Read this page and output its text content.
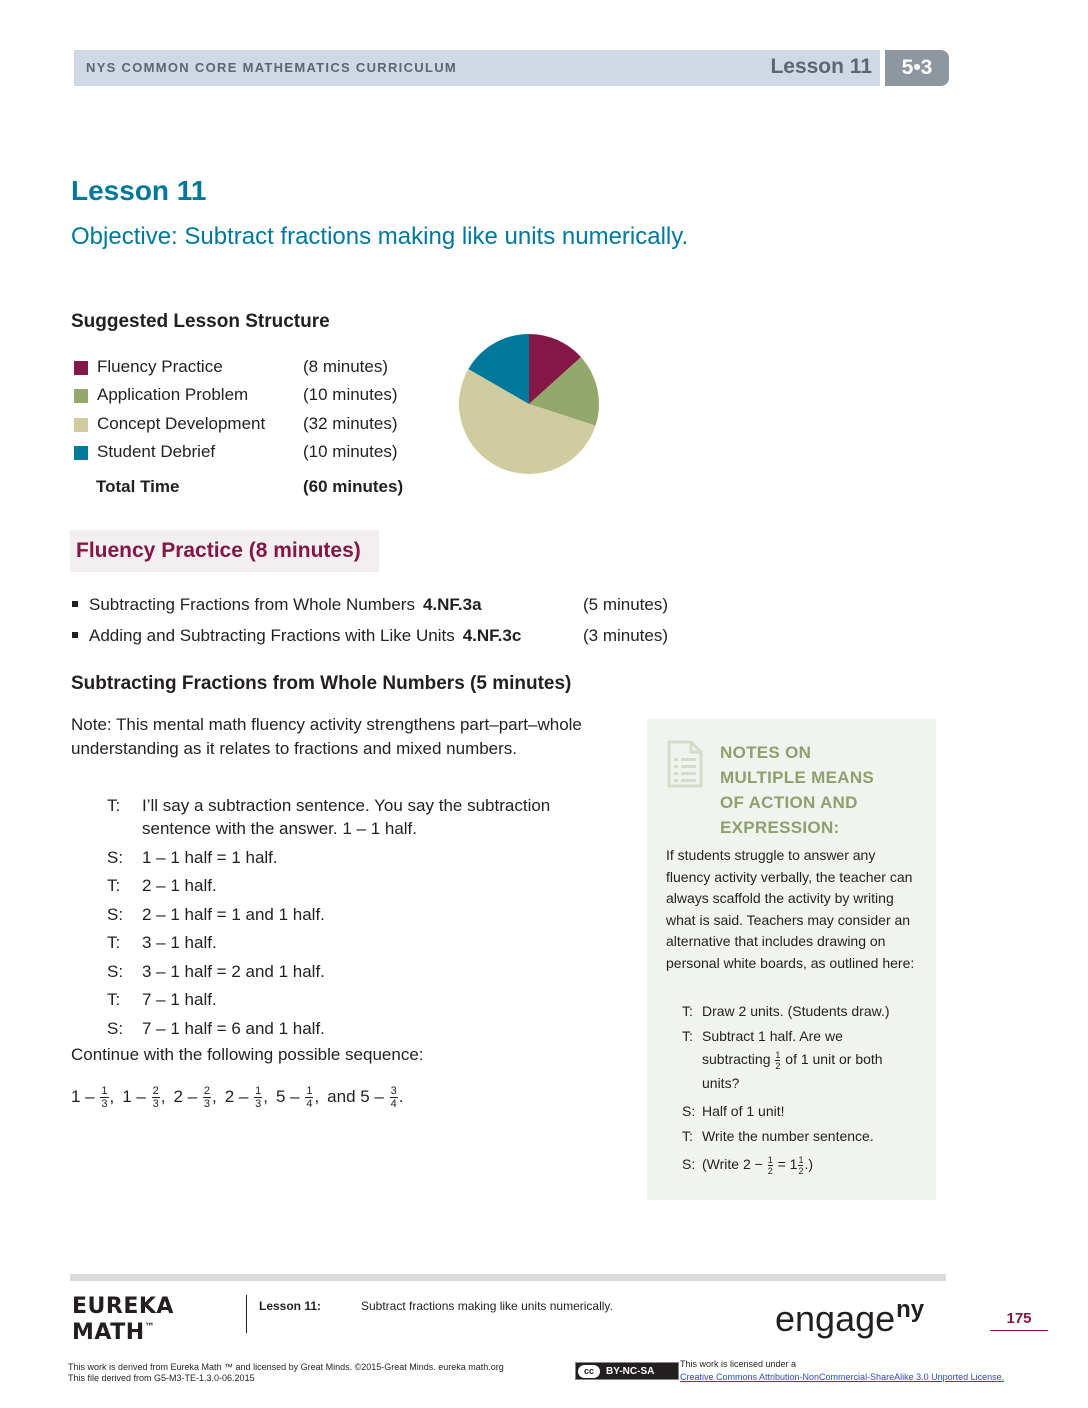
NYS COMMON CORE MATHEMATICS CURRICULUM	Lesson 11	5•3
Lesson 11
Objective: Subtract fractions making like units numerically.
Suggested Lesson Structure
Fluency Practice	(8 minutes)
Application Problem	(10 minutes)
Concept Development (32 minutes)
Student Debrief	(10 minutes)
Total Time	(60 minutes)
Fluency Practice (8 minutes)
Subtracting Fractions from Whole Numbers 4.NF.3a	(5 minutes)
Adding and Subtracting Fractions with Like Units 4.NF.3c	(3 minutes)
Subtracting Fractions from Whole Numbers (5 minutes)
Note: This mental math fluency activity strengthens part–part–whole understanding as it relates to fractions and mixed numbers.
T: I’ll say a subtraction sentence. You say the subtraction sentence with the answer. 1 – 1 half.
S: 1 – 1 half = 1 half.
T: 2 – 1 half.
S: 2 – 1 half = 1 and 1 half.
T: 3 – 1 half.
S: 3 – 1 half = 2 and 1 half.
T: 7 – 1 half.
S: 7 – 1 half = 6 and 1 half.
Continue with the following possible sequence:
$1 - \frac{1}{3}$ , $1 - \frac{2}{3}$ , $2 - \frac{2}{3}$ , $2 - \frac{1}{3}$ , $5 - \frac{1}{4}$ , and $5 - \frac{3}{4}$ .
NOTES ON
MULTIPLE MEANS
OF ACTION AND
EXPRESSION:
If students struggle to answer any fluency activity verbally, the teacher can always scaffold the activity by writing what is said. Teachers may consider an alternative that includes drawing on personal white boards, as outlined here:
T: Draw 2 units. (Students draw.)
T: Subtract 1 half. Are we
subtracting $\frac{1}{2}$ of 1 unit or both
units?
S: Half of 1 unit!
T: Write the number sentence.
S: (Write $2 - \frac{1}{2} = 1 \frac{1}{2}$ .)
EUREKA
MATH™
Lesson 11:	Subtract fractions making like units numerically.	engage$^{ny}$	175
This work is derived from Eureka Math ™ and licensed by Great Minds. ©2015-Great Minds. eureka math.org
This file derived from G5-M3-TE-1.3.0-06.2015
cc	BY-NC-SA
This work is licensed under a
Creative Commons Attribution-NonCommercial-ShareAlike 3.0 Unported License.
